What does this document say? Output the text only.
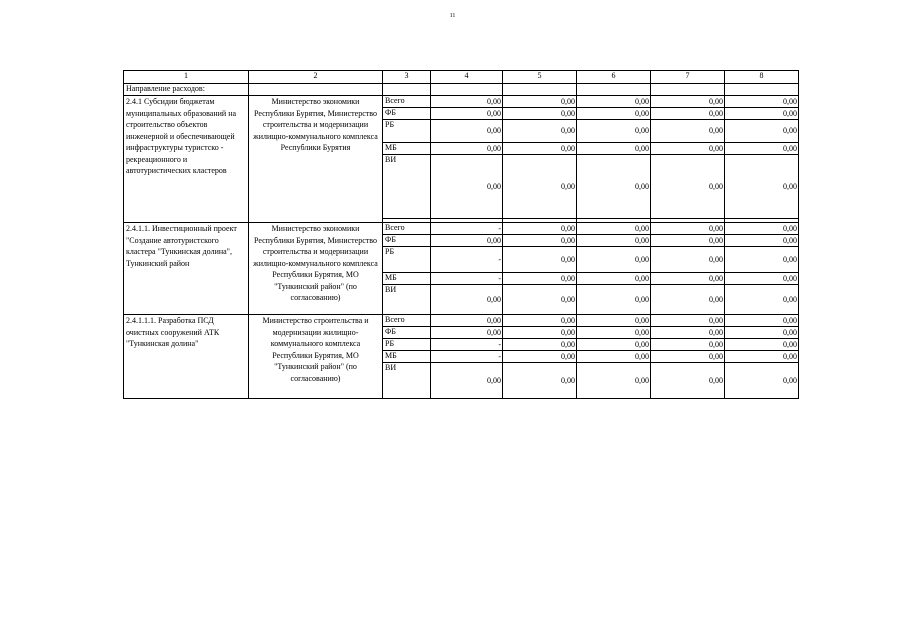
11
1	2	3	4	5	6	7	8
Направление расходов:							
2.4.1 Субсидии бюджетам муниципальных образований на строительство объектов инженерной и обеспечивающей инфраструктуры туристско - рекреационного и автотуристических кластеров	Министерство экономики Республики Бурятия, Министерство строительства и модернизации жилищно-коммунального комплекса Республики Бурятия	Всего	0,00	0,00	0,00	0,00	0,00
		ФБ	0,00	0,00	0,00	0,00	0,00
		РБ	0,00	0,00	0,00	0,00	0,00
		МБ	0,00	0,00	0,00	0,00	0,00
		ВИ	0,00	0,00	0,00	0,00	0,00

2.4.1.1. Инвестиционный проект "Создание автотуристского кластера "Тункинская долина", Тункинский район	Министерство экономики Республики Бурятия, Министерство строительства и модернизации жилищно-коммунального комплекса Республики Бурятия, МО "Тункинский район" (по согласованию)	Всего	-	0,00	0,00	0,00	0,00
		ФБ	0,00	0,00	0,00	0,00	0,00
		РБ	-	0,00	0,00	0,00	0,00
		МБ	-	0,00	0,00	0,00	0,00
		ВИ	0,00	0,00	0,00	0,00	0,00
2.4.1.1.1. Разработка ПСД очистных сооружений АТК "Тункинская долина"	Министерство строительства и модернизации жилищно-коммунального комплекса Республики Бурятия, МО "Тункинский район" (по согласованию)	Всего	0,00	0,00	0,00	0,00	0,00
		ФБ	0,00	0,00	0,00	0,00	0,00
		РБ	-	0,00	0,00	0,00	0,00
		МБ	-	0,00	0,00	0,00	0,00
		ВИ	0,00	0,00	0,00	0,00	0,00
